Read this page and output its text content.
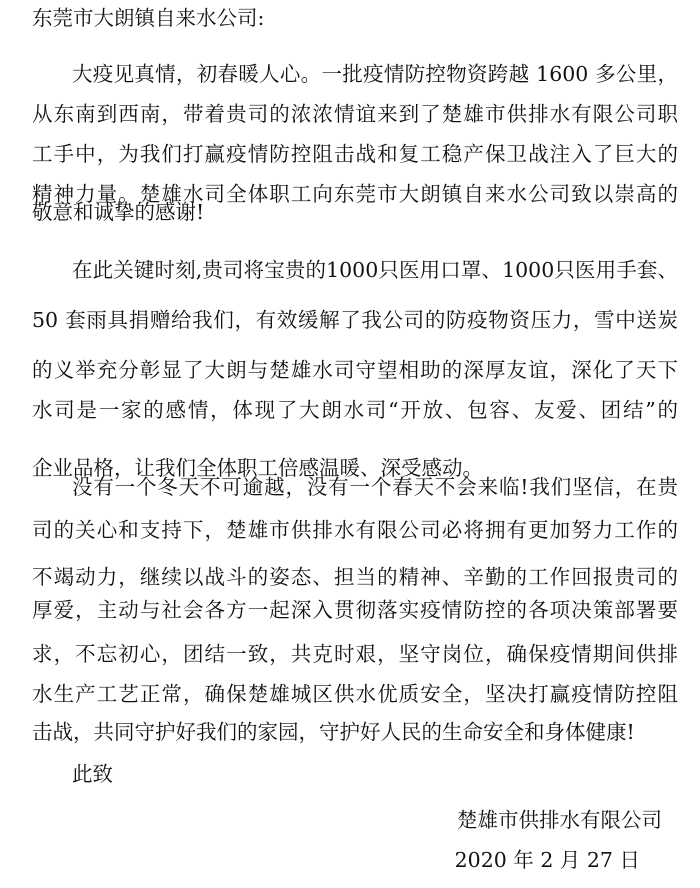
东莞市大朗镇自来水公司:
大疫见真情，初春暖人心。一批疫情防控物资跨越 1600 多公里，
从东南到西南，带着贵司的浓浓情谊来到了楚雄市供排水有限公司职
工手中，为我们打赢疫情防控阻击战和复工稳产保卫战注入了巨大的
精神力量。楚雄水司全体职工向东莞市大朗镇自来水公司致以崇高的
敬意和诚挚的感谢!
在此关键时刻,贵司将宝贵的1000只医用口罩、1000只医用手套、
50 套雨具捐赠给我们，有效缓解了我公司的防疫物资压力，雪中送炭
的义举充分彰显了大朗与楚雄水司守望相助的深厚友谊，深化了天下
水司是一家的感情，体现了大朗水司“开放、包容、友爱、团结”的
企业品格，让我们全体职工倍感温暖、深受感动。
没有一个冬天不可逾越，没有一个春天不会来临!我们坚信，在贵
司的关心和支持下，楚雄市供排水有限公司必将拥有更加努力工作的
不竭动力，继续以战斗的姿态、担当的精神、辛勤的工作回报贵司的
厚爱，主动与社会各方一起深入贯彻落实疫情防控的各项决策部署要
求，不忘初心，团结一致，共克时艰，坚守岗位，确保疫情期间供排
水生产工艺正常，确保楚雄城区供水优质安全，坚决打赢疫情防控阻
击战，共同守护好我们的家园，守护好人民的生命安全和身体健康!
此致
楚雄市供排水有限公司
2020 年 2 月 27 日
